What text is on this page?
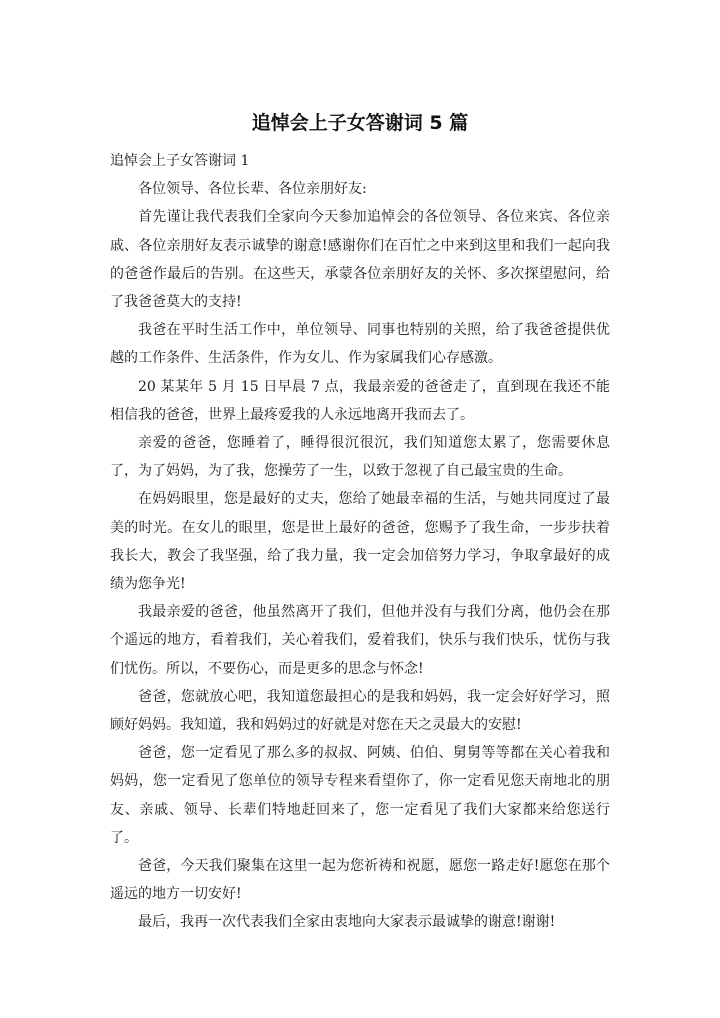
追悼会上子女答谢词 5 篇

追悼会上子女答谢词 1

各位领导、各位长辈、各位亲朋好友:

首先谨让我代表我们全家向今天参加追悼会的各位领导、各位来宾、各位亲戚、各位亲朋好友表示诚挚的谢意!感谢你们在百忙之中来到这里和我们一起向我的爸爸作最后的告别。在这些天，承蒙各位亲朋好友的关怀、多次探望慰问，给了我爸爸莫大的支持!

我爸在平时生活工作中，单位领导、同事也特别的关照，给了我爸爸提供优越的工作条件、生活条件，作为女儿、作为家属我们心存感激。

20 某某年 5 月 15 日早晨 7 点，我最亲爱的爸爸走了，直到现在我还不能相信我的爸爸，世界上最疼爱我的人永远地离开我而去了。

亲爱的爸爸，您睡着了，睡得很沉很沉，我们知道您太累了，您需要休息了，为了妈妈，为了我，您操劳了一生，以致于忽视了自己最宝贵的生命。

在妈妈眼里，您是最好的丈夫，您给了她最幸福的生活，与她共同度过了最美的时光。在女儿的眼里，您是世上最好的爸爸，您赐予了我生命，一步步扶着我长大，教会了我坚强，给了我力量，我一定会加倍努力学习，争取拿最好的成绩为您争光!

我最亲爱的爸爸，他虽然离开了我们，但他并没有与我们分离，他仍会在那个遥远的地方，看着我们，关心着我们，爱着我们，快乐与我们快乐，忧伤与我们忧伤。所以，不要伤心，而是更多的思念与怀念!

爸爸，您就放心吧，我知道您最担心的是我和妈妈，我一定会好好学习，照顾好妈妈。我知道，我和妈妈过的好就是对您在天之灵最大的安慰!

爸爸，您一定看见了那么多的叔叔、阿姨、伯伯、舅舅等等都在关心着我和妈妈，您一定看见了您单位的领导专程来看望你了，你一定看见您天南地北的朋友、亲戚、领导、长辈们特地赶回来了，您一定看见了我们大家都来给您送行了。

爸爸，今天我们聚集在这里一起为您祈祷和祝愿，愿您一路走好!愿您在那个遥远的地方一切安好!

最后，我再一次代表我们全家由衷地向大家表示最诚挚的谢意!谢谢!
